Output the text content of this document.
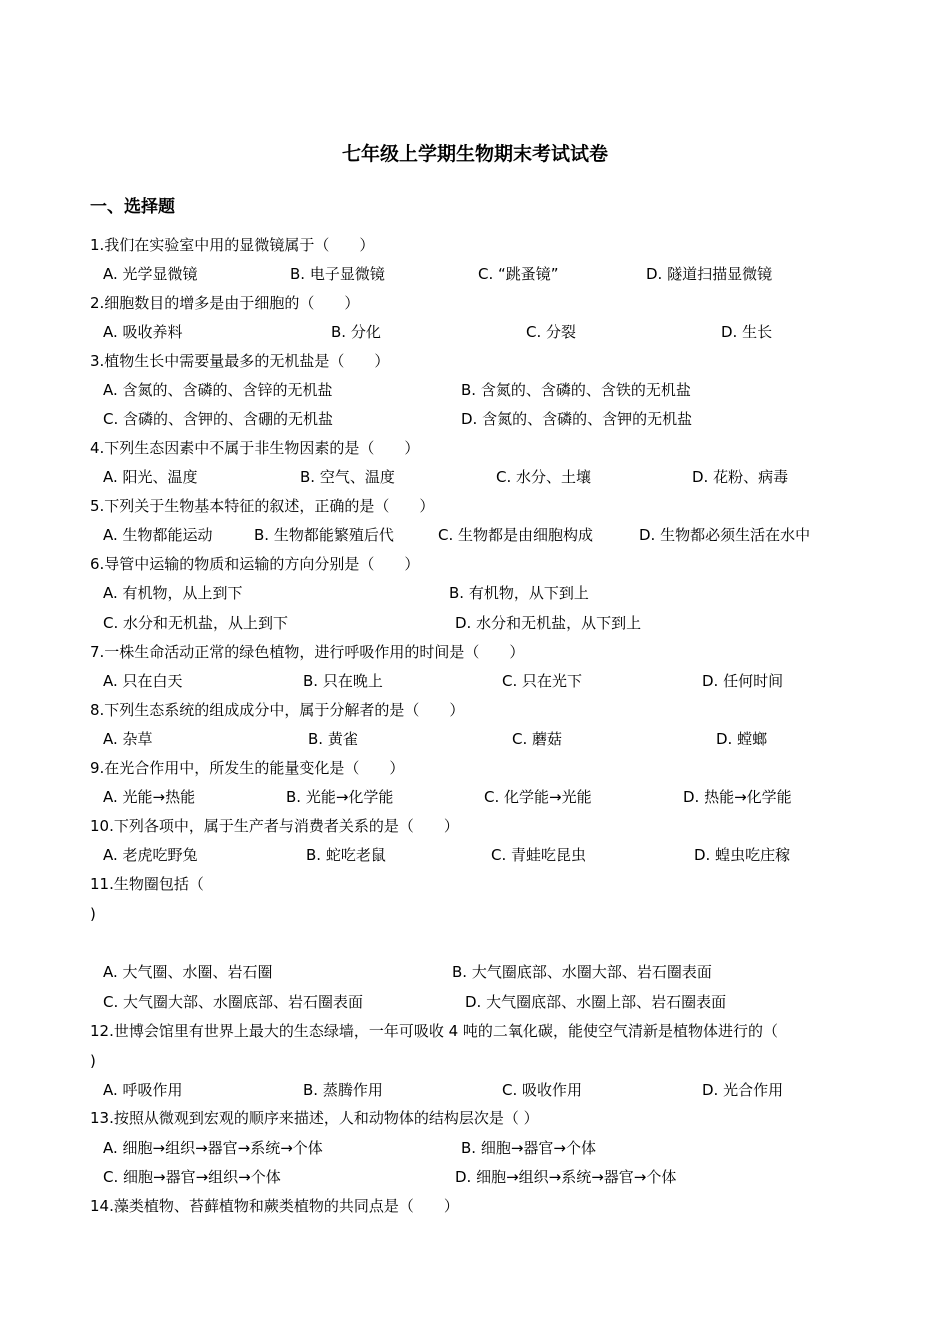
七年级上学期生物期末考试试卷
一、选择题
1.我们在实验室中用的显微镜属于（　　）
A. 光学显微镜	B. 电子显微镜	C. “跳蚤镜”	D. 隧道扫描显微镜
2.细胞数目的增多是由于细胞的（　　）
A. 吸收养料	B. 分化	C. 分裂	D. 生长
3.植物生长中需要量最多的无机盐是（　　）
A. 含氮的、含磷的、含锌的无机盐	B. 含氮的、含磷的、含铁的无机盐
C. 含磷的、含钾的、含硼的无机盐	D. 含氮的、含磷的、含钾的无机盐
4.下列生态因素中不属于非生物因素的是（　　）
A. 阳光、温度	B. 空气、温度	C. 水分、土壤	D. 花粉、病毒
5.下列关于生物基本特征的叙述，正确的是（　　）
A. 生物都能运动	B. 生物都能繁殖后代	C. 生物都是由细胞构成	D. 生物都必须生活在水中
6.导管中运输的物质和运输的方向分别是（　　）
A. 有机物，从上到下	B. 有机物，从下到上
C. 水分和无机盐，从上到下	D. 水分和无机盐，从下到上
7.一株生命活动正常的绿色植物，进行呼吸作用的时间是（　　）
A. 只在白天	B. 只在晚上	C. 只在光下	D. 任何时间
8.下列生态系统的组成成分中，属于分解者的是（　　）
A. 杂草	B. 黄雀	C. 蘑菇	D. 螳螂
9.在光合作用中，所发生的能量变化是（　　）
A. 光能→热能	B. 光能→化学能	C. 化学能→光能	D. 热能→化学能
10.下列各项中，属于生产者与消费者关系的是（　　）
A. 老虎吃野兔	B. 蛇吃老鼠	C. 青蛙吃昆虫	D. 蝗虫吃庄稼
11.生物圈包括（
)
A. 大气圈、水圈、岩石圈	B. 大气圈底部、水圈大部、岩石圈表面
C. 大气圈大部、水圈底部、岩石圈表面	D. 大气圈底部、水圈上部、岩石圈表面
12.世博会馆里有世界上最大的生态绿墙，一年可吸收 4 吨的二氧化碳，能使空气清新是植物体进行的（
)
A. 呼吸作用	B. 蒸腾作用	C. 吸收作用	D. 光合作用
13.按照从微观到宏观的顺序来描述，人和动物体的结构层次是（ ）
A. 细胞→组织→器官→系统→个体	B. 细胞→器官→个体
C. 细胞→器官→组织→个体	D. 细胞→组织→系统→器官→个体
14.藻类植物、苔藓植物和蕨类植物的共同点是（　　）
